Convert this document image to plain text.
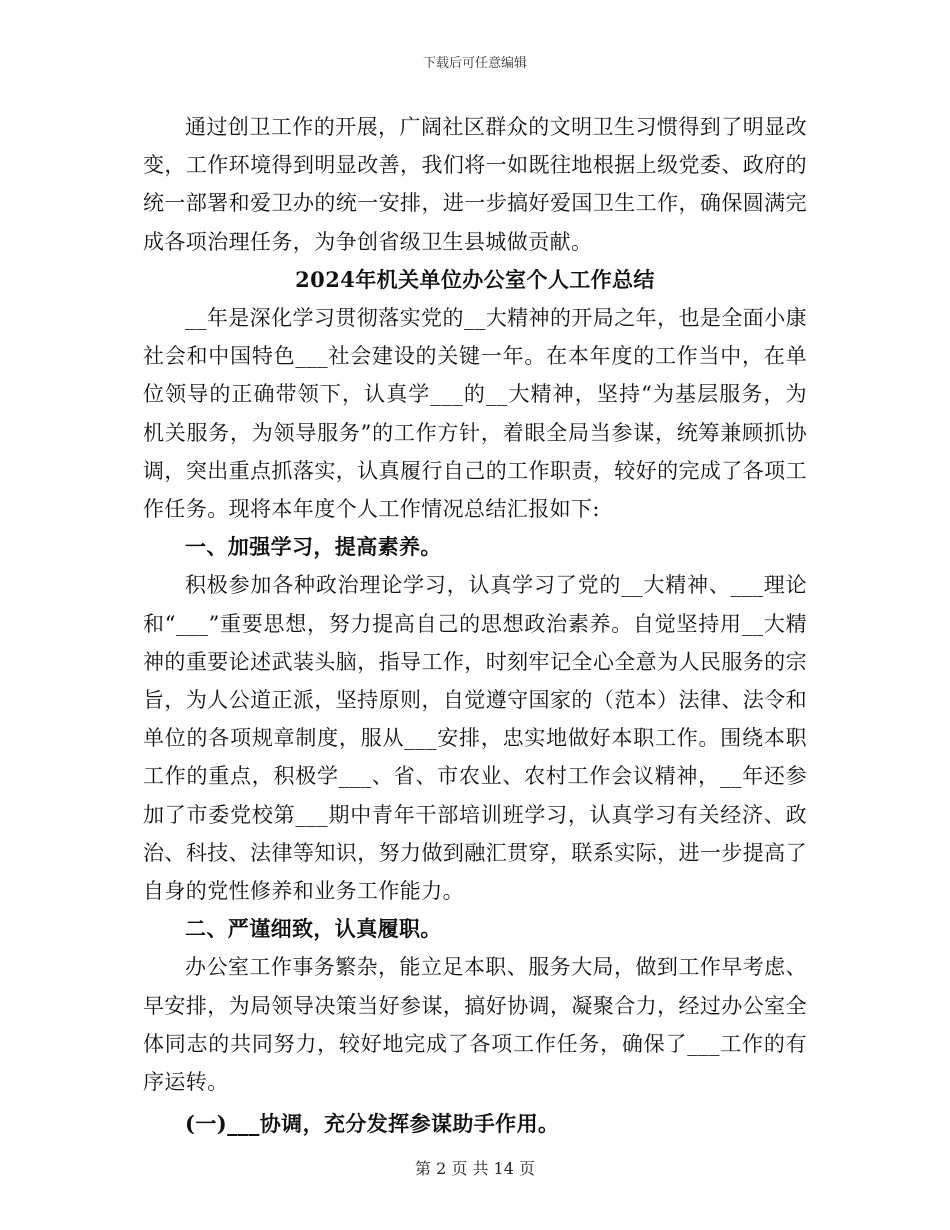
下载后可任意编辑

通过创卫工作的开展，广阔社区群众的文明卫生习惯得到了明显改变，工作环境得到明显改善，我们将一如既往地根据上级党委、政府的统一部署和爱卫办的统一安排，进一步搞好爱国卫生工作，确保圆满完成各项治理任务，为争创省级卫生县城做贡献。

2024年机关单位办公室个人工作总结

__年是深化学习贯彻落实党的__大精神的开局之年，也是全面小康社会和中国特色___社会建设的关键一年。在本年度的工作当中，在单位领导的正确带领下，认真学___的__大精神，坚持“为基层服务，为机关服务，为领导服务”的工作方针，着眼全局当参谋，统筹兼顾抓协调，突出重点抓落实，认真履行自己的工作职责，较好的完成了各项工作任务。现将本年度个人工作情况总结汇报如下:

一、加强学习，提高素养。

积极参加各种政治理论学习，认真学习了党的__大精神、___理论和“___”重要思想，努力提高自己的思想政治素养。自觉坚持用__大精神的重要论述武装头脑，指导工作，时刻牢记全心全意为人民服务的宗旨，为人公道正派，坚持原则，自觉遵守国家的（范本）法律、法令和单位的各项规章制度，服从___安排，忠实地做好本职工作。围绕本职工作的重点，积极学___、省、市农业、农村工作会议精神，__年还参加了市委党校第___期中青年干部培训班学习，认真学习有关经济、政治、科技、法律等知识，努力做到融汇贯穿，联系实际，进一步提高了自身的党性修养和业务工作能力。

二、严谨细致，认真履职。

办公室工作事务繁杂，能立足本职、服务大局，做到工作早考虑、早安排，为局领导决策当好参谋，搞好协调，凝聚合力，经过办公室全体同志的共同努力，较好地完成了各项工作任务，确保了___工作的有序运转。

(一)___协调，充分发挥参谋助手作用。

第 2 页 共 14 页
